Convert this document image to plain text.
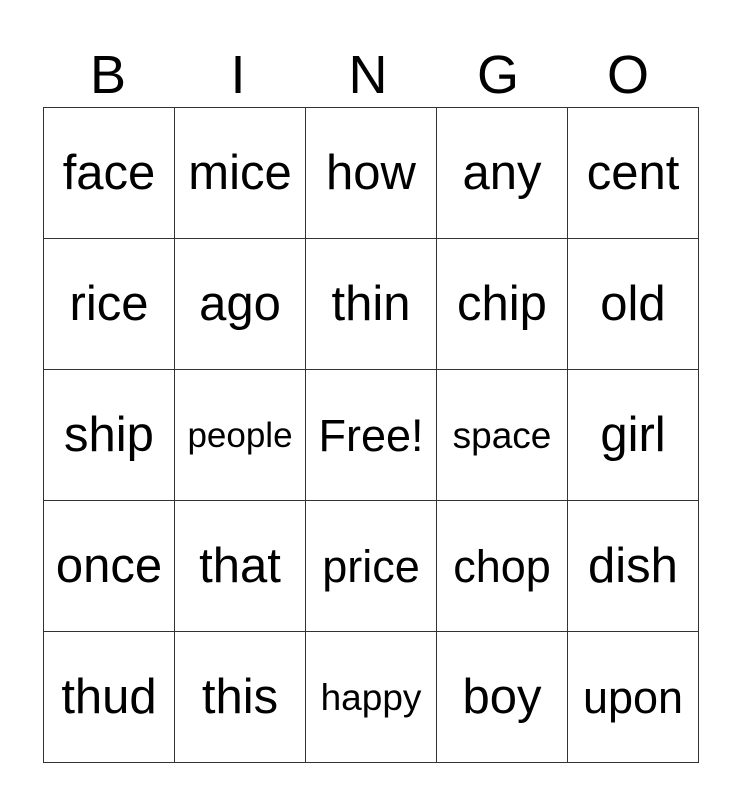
B	I	N	G	O
face	mice	how	any	cent
rice	ago	thin	chip	old
ship	people	Free!	space	girl
once	that	price	chop	dish
thud	this	happy	boy	upon
